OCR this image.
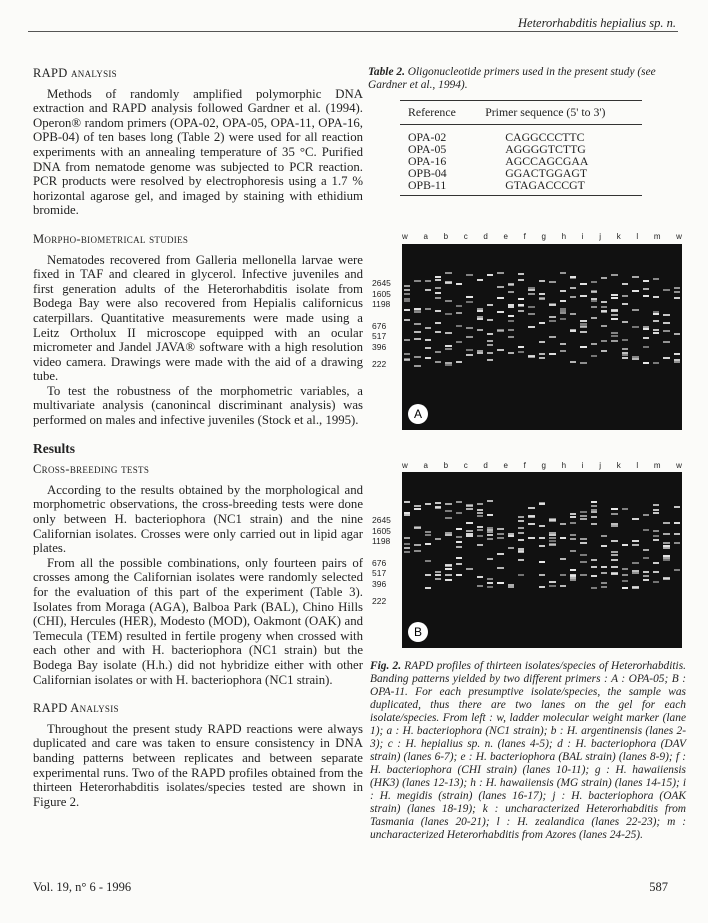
Heterorhabditis hepialius sp. n.
RAPD analysis

Methods of randomly amplified polymorphic DNA extraction and RAPD analysis followed Gardner et al. (1994). Operon® random primers (OPA-02, OPA-05, OPA-11, OPA-16, OPB-04) of ten bases long (Table 2) were used for all reaction experiments with an annealing temperature of 35 °C. Purified DNA from nematode genome was subjected to PCR reaction. PCR products were resolved by electrophoresis using a 1.7 % horizontal agarose gel, and imaged by staining with ethidium bromide.

Morpho-biometrical studies

Nematodes recovered from Galleria mellonella larvae were fixed in TAF and cleared in glycerol. Infective juveniles and first generation adults of the Heterorhabditis isolate from Bodega Bay were also recovered from Hepialis californicus caterpillars. Quantitative measurements were made using a Leitz Ortholux II microscope equipped with an ocular micrometer and Jandel JAVA® software with a high resolution video camera. Drawings were made with the aid of a drawing tube.

To test the robustness of the morphometric variables, a multivariate analysis (canonincal discriminant analysis) was performed on males and infective juveniles (Stock et al., 1995).

Results
Cross-breeding tests

According to the results obtained by the morphological and morphometric observations, the cross-breeding tests were done only between H. bacteriophora (NC1 strain) and the nine Californian isolates. Crosses were only carried out in lipid agar plates.

From all the possible combinations, only fourteen pairs of crosses among the Californian isolates were randomly selected for the evaluation of this part of the experiment (Table 3). Isolates from Moraga (AGA), Balboa Park (BAL), Chino Hills (CHI), Hercules (HER), Modesto (MOD), Oakmont (OAK) and Temecula (TEM) resulted in fertile progeny when crossed with each other and with H. bacteriophora (NC1 strain) but the Bodega Bay isolate (H.h.) did not hybridize either with other Californian isolates or with H. bacteriophora (NC1 strain).

RAPD Analysis

Throughout the present study RAPD reactions were always duplicated and care was taken to ensure consistency in DNA banding patterns between replicates and between separate experimental runs. Two of the RAPD profiles obtained from the thirteen Heterorhabditis isolates/species tested are shown in Figure 2.

Table 2. Oligonucleotide primers used in the present study (see Gardner et al., 1994).
Reference	Primer sequence (5' to 3')
OPA-02	CAGGCCCTTC
OPA-05	AGGGGTCTTG
OPA-16	AGCCAGCGAA
OPB-04	GGACTGGAGT
OPB-11	GTAGACCCGT
w a b c d e f g h i j k l m w
2645
1605
1198
676
517
396
222
A
w a b c d e f g h i j k l m w
2645
1605
1198
676
517
396
222
B
Fig. 2. RAPD profiles of thirteen isolates/species of Heterorhabditis. Banding patterns yielded by two different primers : A : OPA-05; B : OPA-11. For each presumptive isolate/species, the sample was duplicated, thus there are two lanes on the gel for each isolate/species. From left : w, ladder molecular weight marker (lane 1); a : H. bacteriophora (NC1 strain); b : H. argentinensis (lanes 2-3); c : H. hepialius sp. n. (lanes 4-5); d : H. bacteriophora (DAV strain) (lanes 6-7); e : H. bacteriophora (BAL strain) (lanes 8-9); f : H. bacteriophora (CHI strain) (lanes 10-11); g : H. hawaiiensis (HK3) (lanes 12-13); h : H. hawaiiensis (MG strain) (lanes 14-15); i : H. megidis (strain) (lanes 16-17); j : H. bacteriophora (OAK strain) (lanes 18-19); k : uncharacterized Heterorhabditis from Tasmania (lanes 20-21); l : H. zealandica (lanes 22-23); m : uncharacterized Heterorhabditis from Azores (lanes 24-25).
Vol. 19, n° 6 - 1996	587
